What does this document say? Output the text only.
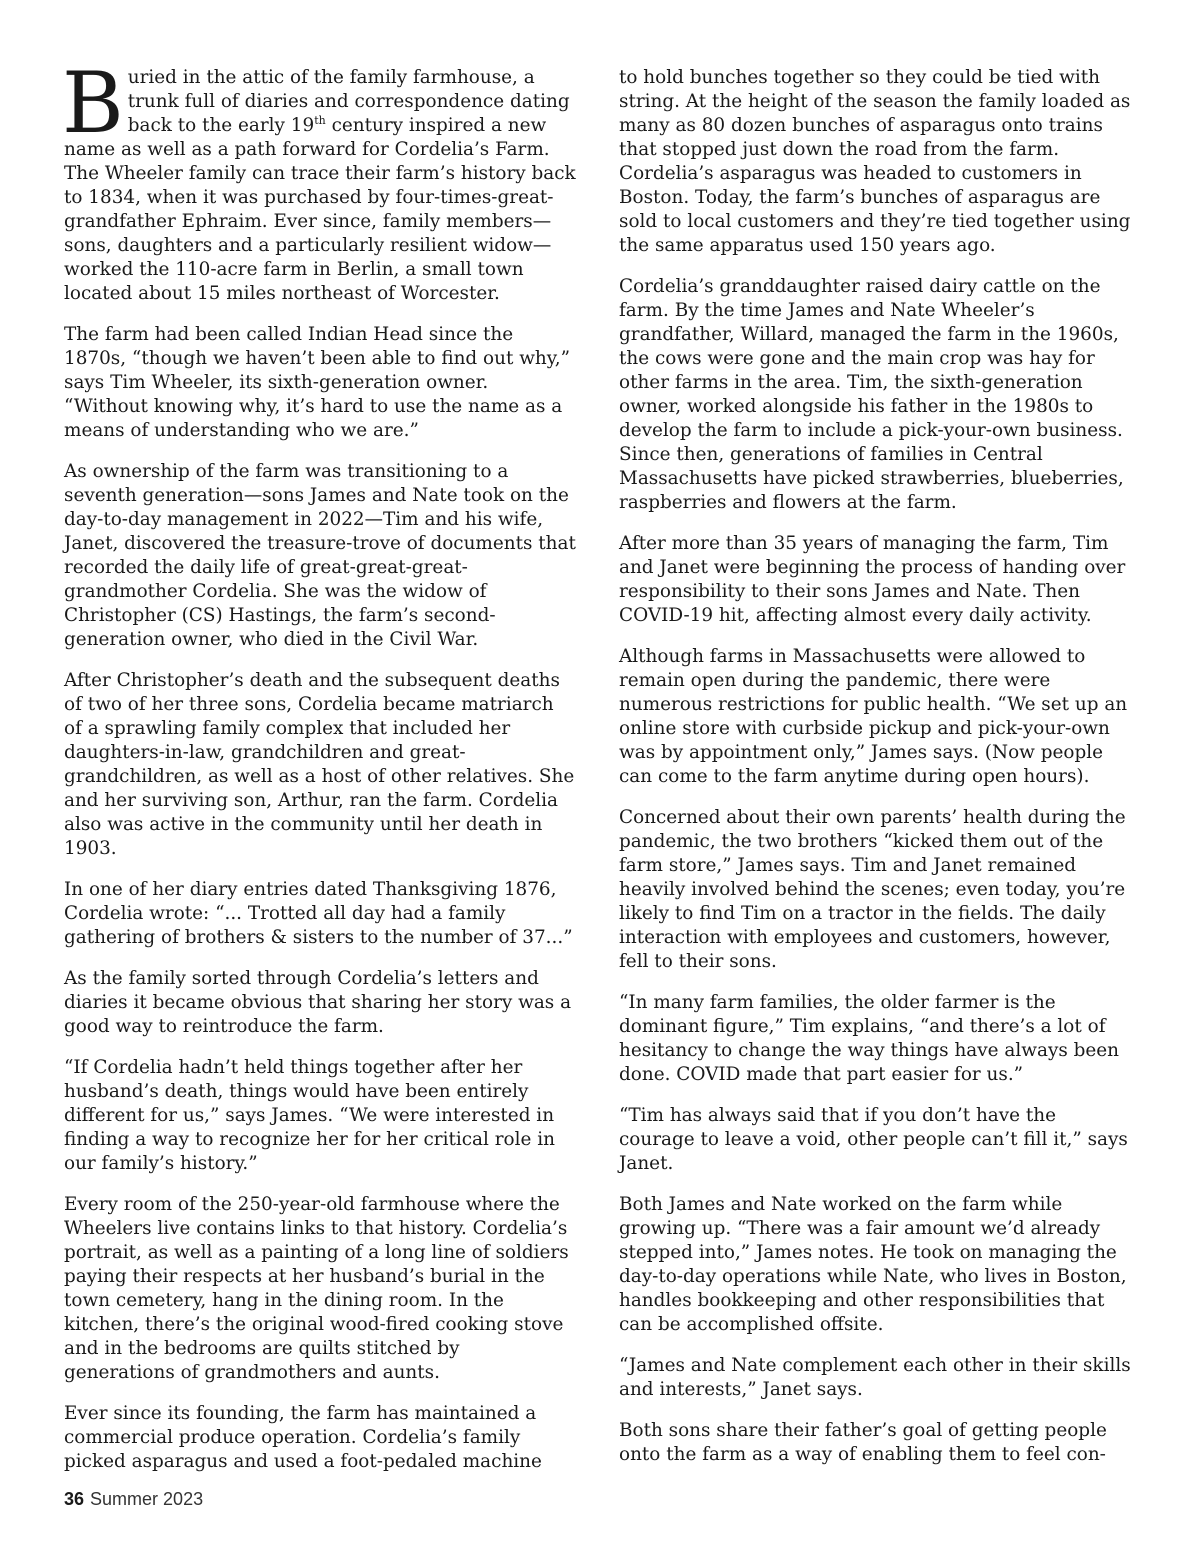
Buried in the attic of the family farmhouse, a trunk full of diaries and correspondence dating back to the early 19th century inspired a new name as well as a path forward for Cordelia’s Farm. The Wheeler family can trace their farm’s history back to 1834, when it was purchased by four-times-great-grandfather Ephraim. Ever since, family members—sons, daughters and a particularly resilient widow—worked the 110-acre farm in Berlin, a small town located about 15 miles northeast of Worcester.

The farm had been called Indian Head since the 1870s, “though we haven’t been able to find out why,” says Tim Wheeler, its sixth-generation owner. “Without knowing why, it’s hard to use the name as a means of understanding who we are.”

As ownership of the farm was transitioning to a seventh generation—sons James and Nate took on the day-to-day management in 2022—Tim and his wife, Janet, discovered the treasure-trove of documents that recorded the daily life of great-great-great-grandmother Cordelia. She was the widow of Christopher (CS) Hastings, the farm’s second-generation owner, who died in the Civil War.

After Christopher’s death and the subsequent deaths of two of her three sons, Cordelia became matriarch of a sprawling family complex that included her daughters-in-law, grandchildren and great-grandchildren, as well as a host of other relatives. She and her surviving son, Arthur, ran the farm. Cordelia also was active in the community until her death in 1903.

In one of her diary entries dated Thanksgiving 1876, Cordelia wrote: “... Trotted all day had a family gathering of brothers & sisters to the number of 37...”

As the family sorted through Cordelia’s letters and diaries it became obvious that sharing her story was a good way to reintroduce the farm.

“If Cordelia hadn’t held things together after her husband’s death, things would have been entirely different for us,” says James. “We were interested in finding a way to recognize her for her critical role in our family’s history.”

Every room of the 250-year-old farmhouse where the Wheelers live contains links to that history. Cordelia’s portrait, as well as a painting of a long line of soldiers paying their respects at her husband’s burial in the town cemetery, hang in the dining room. In the kitchen, there’s the original wood-fired cooking stove and in the bedrooms are quilts stitched by generations of grandmothers and aunts.

Ever since its founding, the farm has maintained a commercial produce operation. Cordelia’s family picked asparagus and used a foot-pedaled machine

to hold bunches together so they could be tied with string. At the height of the season the family loaded as many as 80 dozen bunches of asparagus onto trains that stopped just down the road from the farm. Cordelia’s asparagus was headed to customers in Boston. Today, the farm’s bunches of asparagus are sold to local customers and they’re tied together using the same apparatus used 150 years ago.

Cordelia’s granddaughter raised dairy cattle on the farm. By the time James and Nate Wheeler’s grandfather, Willard, managed the farm in the 1960s, the cows were gone and the main crop was hay for other farms in the area. Tim, the sixth-generation owner, worked alongside his father in the 1980s to develop the farm to include a pick-your-own business. Since then, generations of families in Central Massachusetts have picked strawberries, blueberries, raspberries and flowers at the farm.

After more than 35 years of managing the farm, Tim and Janet were beginning the process of handing over responsibility to their sons James and Nate. Then COVID-19 hit, affecting almost every daily activity.

Although farms in Massachusetts were allowed to remain open during the pandemic, there were numerous restrictions for public health. “We set up an online store with curbside pickup and pick-your-own was by appointment only,” James says. (Now people can come to the farm anytime during open hours).

Concerned about their own parents’ health during the pandemic, the two brothers “kicked them out of the farm store,” James says. Tim and Janet remained heavily involved behind the scenes; even today, you’re likely to find Tim on a tractor in the fields. The daily interaction with employees and customers, however, fell to their sons.

“In many farm families, the older farmer is the dominant figure,” Tim explains, “and there’s a lot of hesitancy to change the way things have always been done. COVID made that part easier for us.”

“Tim has always said that if you don’t have the courage to leave a void, other people can’t fill it,” says Janet.

Both James and Nate worked on the farm while growing up. “There was a fair amount we’d already stepped into,” James notes. He took on managing the day-to-day operations while Nate, who lives in Boston, handles bookkeeping and other responsibilities that can be accomplished offsite.

“James and Nate complement each other in their skills and interests,” Janet says.

Both sons share their father’s goal of getting people onto the farm as a way of enabling them to feel con-

36 Summer 2023
